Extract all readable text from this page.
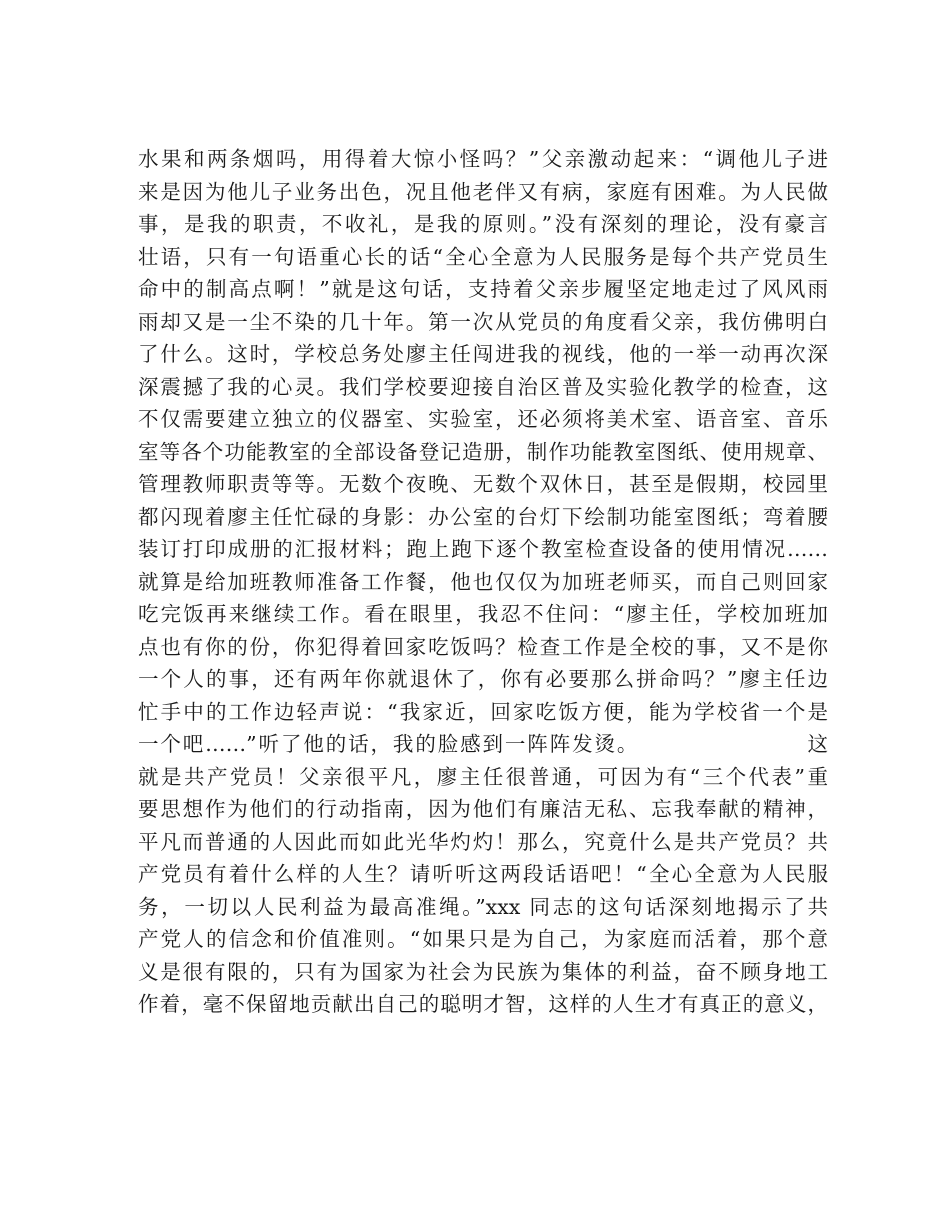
水果和两条烟吗，用得着大惊小怪吗？”父亲激动起来：“调他儿子进
来是因为他儿子业务出色，况且他老伴又有病，家庭有困难。为人民做
事，是我的职责，不收礼，是我的原则。”没有深刻的理论，没有豪言
壮语，只有一句语重心长的话“全心全意为人民服务是每个共产党员生
命中的制高点啊！”就是这句话，支持着父亲步履坚定地走过了风风雨
雨却又是一尘不染的几十年。第一次从党员的角度看父亲，我仿佛明白
了什么。这时，学校总务处廖主任闯进我的视线，他的一举一动再次深
深震撼了我的心灵。我们学校要迎接自治区普及实验化教学的检查，这
不仅需要建立独立的仪器室、实验室，还必须将美术室、语音室、音乐
室等各个功能教室的全部设备登记造册，制作功能教室图纸、使用规章、
管理教师职责等等。无数个夜晚、无数个双休日，甚至是假期，校园里
都闪现着廖主任忙碌的身影：办公室的台灯下绘制功能室图纸；弯着腰
装订打印成册的汇报材料；跑上跑下逐个教室检查设备的使用情况……
就算是给加班教师准备工作餐，他也仅仅为加班老师买，而自己则回家
吃完饭再来继续工作。看在眼里，我忍不住问：“廖主任，学校加班加
点也有你的份，你犯得着回家吃饭吗？检查工作是全校的事，又不是你
一个人的事，还有两年你就退休了，你有必要那么拼命吗？”廖主任边
忙手中的工作边轻声说：“我家近，回家吃饭方便，能为学校省一个是
一个吧……”听了他的话，我的脸感到一阵阵发烫。                    这
就是共产党员！父亲很平凡，廖主任很普通，可因为有“三个代表”重
要思想作为他们的行动指南，因为他们有廉洁无私、忘我奉献的精神，
平凡而普通的人因此而如此光华灼灼！那么，究竟什么是共产党员？共
产党员有着什么样的人生？请听听这两段话语吧！“全心全意为人民服
务，一切以人民利益为最高准绳。”xxx 同志的这句话深刻地揭示了共
产党人的信念和价值准则。“如果只是为自己，为家庭而活着，那个意
义是很有限的，只有为国家为社会为民族为集体的利益，奋不顾身地工
作着，毫不保留地贡献出自己的聪明才智，这样的人生才有真正的意义，
